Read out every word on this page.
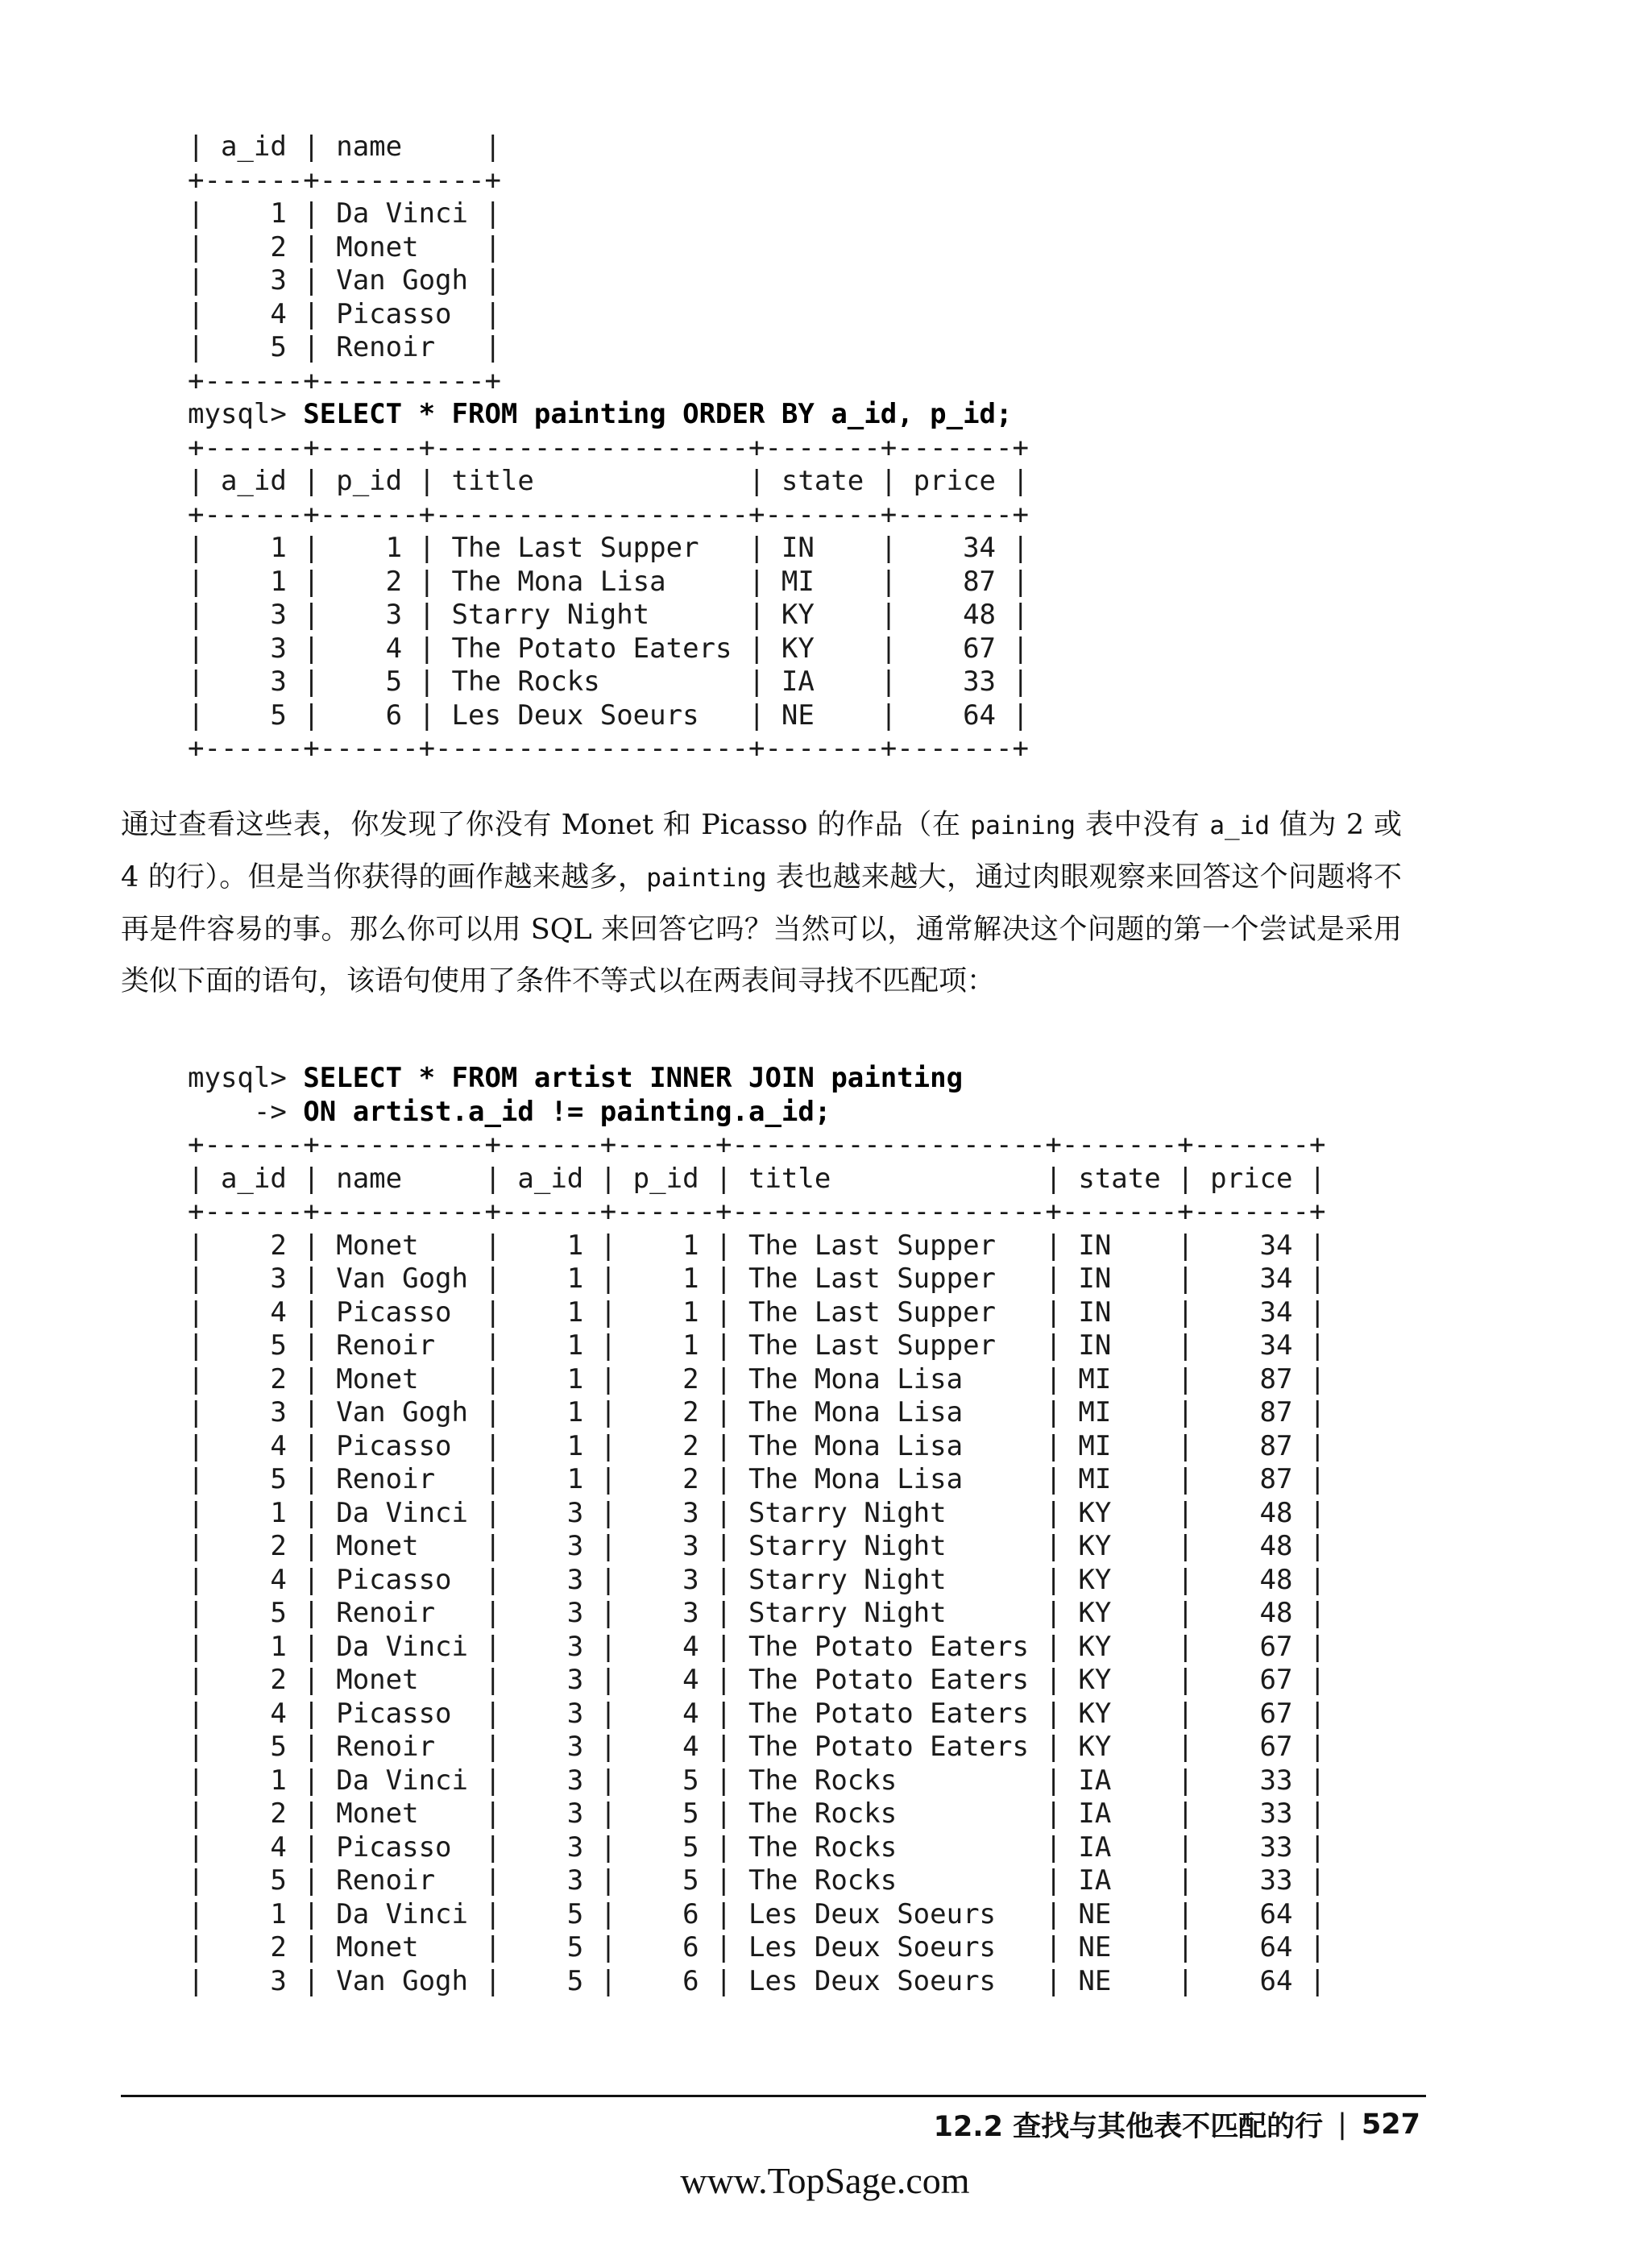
| a_id | name     |
+------+----------+
|    1 | Da Vinci |
|    2 | Monet    |
|    3 | Van Gogh |
|    4 | Picasso  |
|    5 | Renoir   |
+------+----------+
mysql> SELECT * FROM painting ORDER BY a_id, p_id;
+------+------+-------------------+-------+-------+
| a_id | p_id | title             | state | price |
+------+------+-------------------+-------+-------+
|    1 |    1 | The Last Supper   | IN    |    34 |
|    1 |    2 | The Mona Lisa     | MI    |    87 |
|    3 |    3 | Starry Night      | KY    |    48 |
|    3 |    4 | The Potato Eaters | KY    |    67 |
|    3 |    5 | The Rocks         | IA    |    33 |
|    5 |    6 | Les Deux Soeurs   | NE    |    64 |
+------+------+-------------------+-------+-------+
通过查看这些表，你发现了你没有 Monet 和 Picasso 的作品（在 paining 表中没有 a_id 值为 2 或 4 的行）。但是当你获得的画作越来越多，painting 表也越来越大，通过肉眼观察来回答这个问题将不再是件容易的事。那么你可以用 SQL 来回答它吗？当然可以，通常解决这个问题的第一个尝试是采用类似下面的语句，该语句使用了条件不等式以在两表间寻找不匹配项：
mysql> SELECT * FROM artist INNER JOIN painting
-> ON artist.a_id != painting.a_id;
+------+----------+------+------+-------------------+-------+-------+
| a_id | name     | a_id | p_id | title             | state | price |
+------+----------+------+------+-------------------+-------+-------+
|    2 | Monet    |    1 |    1 | The Last Supper   | IN    |    34 |
|    3 | Van Gogh |    1 |    1 | The Last Supper   | IN    |    34 |
|    4 | Picasso  |    1 |    1 | The Last Supper   | IN    |    34 |
|    5 | Renoir   |    1 |    1 | The Last Supper   | IN    |    34 |
|    2 | Monet    |    1 |    2 | The Mona Lisa     | MI    |    87 |
|    3 | Van Gogh |    1 |    2 | The Mona Lisa     | MI    |    87 |
|    4 | Picasso  |    1 |    2 | The Mona Lisa     | MI    |    87 |
|    5 | Renoir   |    1 |    2 | The Mona Lisa     | MI    |    87 |
|    1 | Da Vinci |    3 |    3 | Starry Night      | KY    |    48 |
|    2 | Monet    |    3 |    3 | Starry Night      | KY    |    48 |
|    4 | Picasso  |    3 |    3 | Starry Night      | KY    |    48 |
|    5 | Renoir   |    3 |    3 | Starry Night      | KY    |    48 |
|    1 | Da Vinci |    3 |    4 | The Potato Eaters | KY    |    67 |
|    2 | Monet    |    3 |    4 | The Potato Eaters | KY    |    67 |
|    4 | Picasso  |    3 |    4 | The Potato Eaters | KY    |    67 |
|    5 | Renoir   |    3 |    4 | The Potato Eaters | KY    |    67 |
|    1 | Da Vinci |    3 |    5 | The Rocks         | IA    |    33 |
|    2 | Monet    |    3 |    5 | The Rocks         | IA    |    33 |
|    4 | Picasso  |    3 |    5 | The Rocks         | IA    |    33 |
|    5 | Renoir   |    3 |    5 | The Rocks         | IA    |    33 |
|    1 | Da Vinci |    5 |    6 | Les Deux Soeurs   | NE    |    64 |
|    2 | Monet    |    5 |    6 | Les Deux Soeurs   | NE    |    64 |
|    3 | Van Gogh |    5 |    6 | Les Deux Soeurs   | NE    |    64 |
12.2 查找与其他表不匹配的行 | 527
www.TopSage.com
